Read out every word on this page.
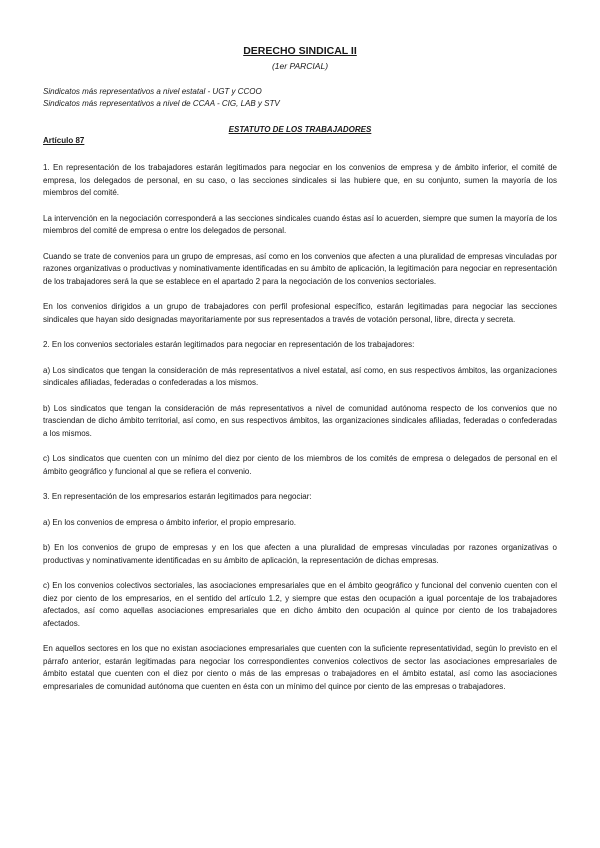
DERECHO SINDICAL II

(1er PARCIAL)

Sindicatos más representativos a nivel estatal - UGT y CCOO

Sindicatos más representativos a nivel de CCAA - CIG, LAB y STV

ESTATUTO DE LOS TRABAJADORES
Artículo 87

1. En representación de los trabajadores estarán legitimados para negociar en los convenios de empresa y de ámbito inferior, el comité de empresa, los delegados de personal, en su caso, o las secciones sindicales si las hubiere que, en su conjunto, sumen la mayoría de los miembros del comité.

La intervención en la negociación corresponderá a las secciones sindicales cuando éstas así lo acuerden, siempre que sumen la mayoría de los miembros del comité de empresa o entre los delegados de personal.

Cuando se trate de convenios para un grupo de empresas, así como en los convenios que afecten a una pluralidad de empresas vinculadas por razones organizativas o productivas y nominativamente identificadas en su ámbito de aplicación, la legitimación para negociar en representación de los trabajadores será la que se establece en el apartado 2 para la negociación de los convenios sectoriales.

En los convenios dirigidos a un grupo de trabajadores con perfil profesional específico, estarán legitimadas para negociar las secciones sindicales que hayan sido designadas mayoritariamente por sus representados a través de votación personal, libre, directa y secreta.

2. En los convenios sectoriales estarán legitimados para negociar en representación de los trabajadores:

a) Los sindicatos que tengan la consideración de más representativos a nivel estatal, así como, en sus respectivos ámbitos, las organizaciones sindicales afiliadas, federadas o confederadas a los mismos.

b) Los sindicatos que tengan la consideración de más representativos a nivel de comunidad autónoma respecto de los convenios que no trasciendan de dicho ámbito territorial, así como, en sus respectivos ámbitos, las organizaciones sindicales afiliadas, federadas o confederadas a los mismos.

c) Los sindicatos que cuenten con un mínimo del diez por ciento de los miembros de los comités de empresa o delegados de personal en el ámbito geográfico y funcional al que se refiera el convenio.

3. En representación de los empresarios estarán legitimados para negociar:

a) En los convenios de empresa o ámbito inferior, el propio empresario.

b) En los convenios de grupo de empresas y en los que afecten a una pluralidad de empresas vinculadas por razones organizativas o productivas y nominativamente identificadas en su ámbito de aplicación, la representación de dichas empresas.

c) En los convenios colectivos sectoriales, las asociaciones empresariales que en el ámbito geográfico y funcional del convenio cuenten con el diez por ciento de los empresarios, en el sentido del artículo 1.2, y siempre que estas den ocupación a igual porcentaje de los trabajadores afectados, así como aquellas asociaciones empresariales que en dicho ámbito den ocupación al quince por ciento de los trabajadores afectados.

En aquellos sectores en los que no existan asociaciones empresariales que cuenten con la suficiente representatividad, según lo previsto en el párrafo anterior, estarán legitimadas para negociar los correspondientes convenios colectivos de sector las asociaciones empresariales de ámbito estatal que cuenten con el diez por ciento o más de las empresas o trabajadores en el ámbito estatal, así como las asociaciones empresariales de comunidad autónoma que cuenten en ésta con un mínimo del quince por ciento de las empresas o trabajadores.
